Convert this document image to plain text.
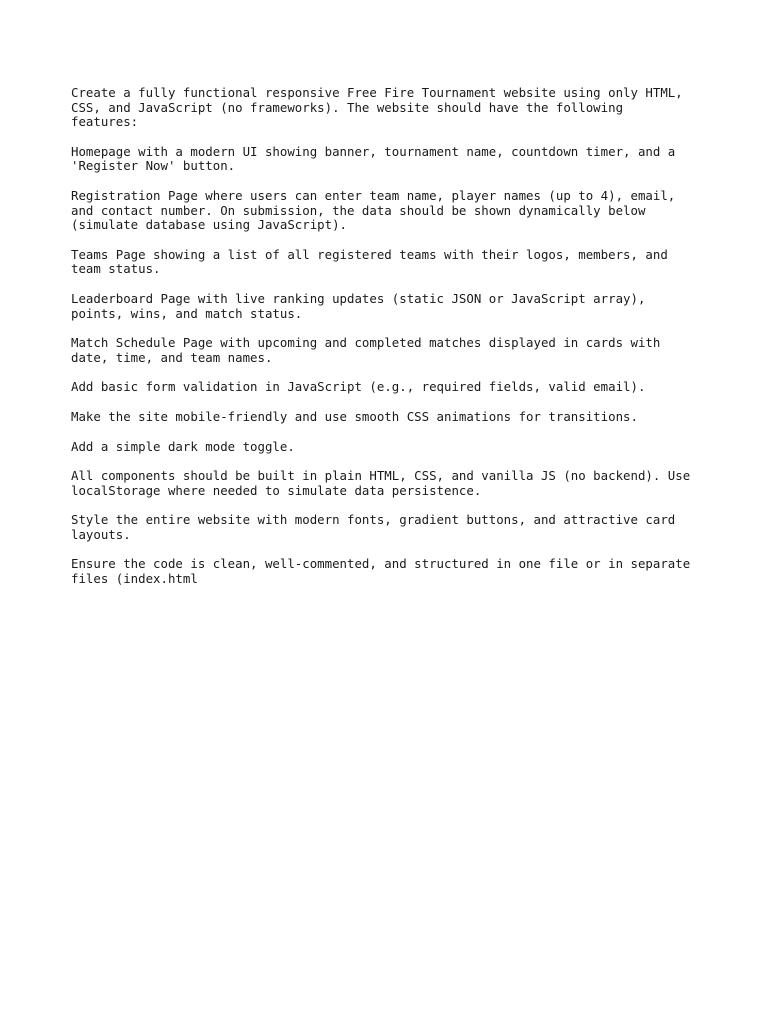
Create a fully functional responsive Free Fire Tournament website using only HTML,
CSS, and JavaScript (no frameworks). The website should have the following
features:

Homepage with a modern UI showing banner, tournament name, countdown timer, and a
'Register Now' button.

Registration Page where users can enter team name, player names (up to 4), email,
and contact number. On submission, the data should be shown dynamically below
(simulate database using JavaScript).

Teams Page showing a list of all registered teams with their logos, members, and
team status.

Leaderboard Page with live ranking updates (static JSON or JavaScript array),
points, wins, and match status.

Match Schedule Page with upcoming and completed matches displayed in cards with
date, time, and team names.

Add basic form validation in JavaScript (e.g., required fields, valid email).

Make the site mobile-friendly and use smooth CSS animations for transitions.

Add a simple dark mode toggle.

All components should be built in plain HTML, CSS, and vanilla JS (no backend). Use
localStorage where needed to simulate data persistence.

Style the entire website with modern fonts, gradient buttons, and attractive card
layouts.

Ensure the code is clean, well-commented, and structured in one file or in separate
files (index.html
